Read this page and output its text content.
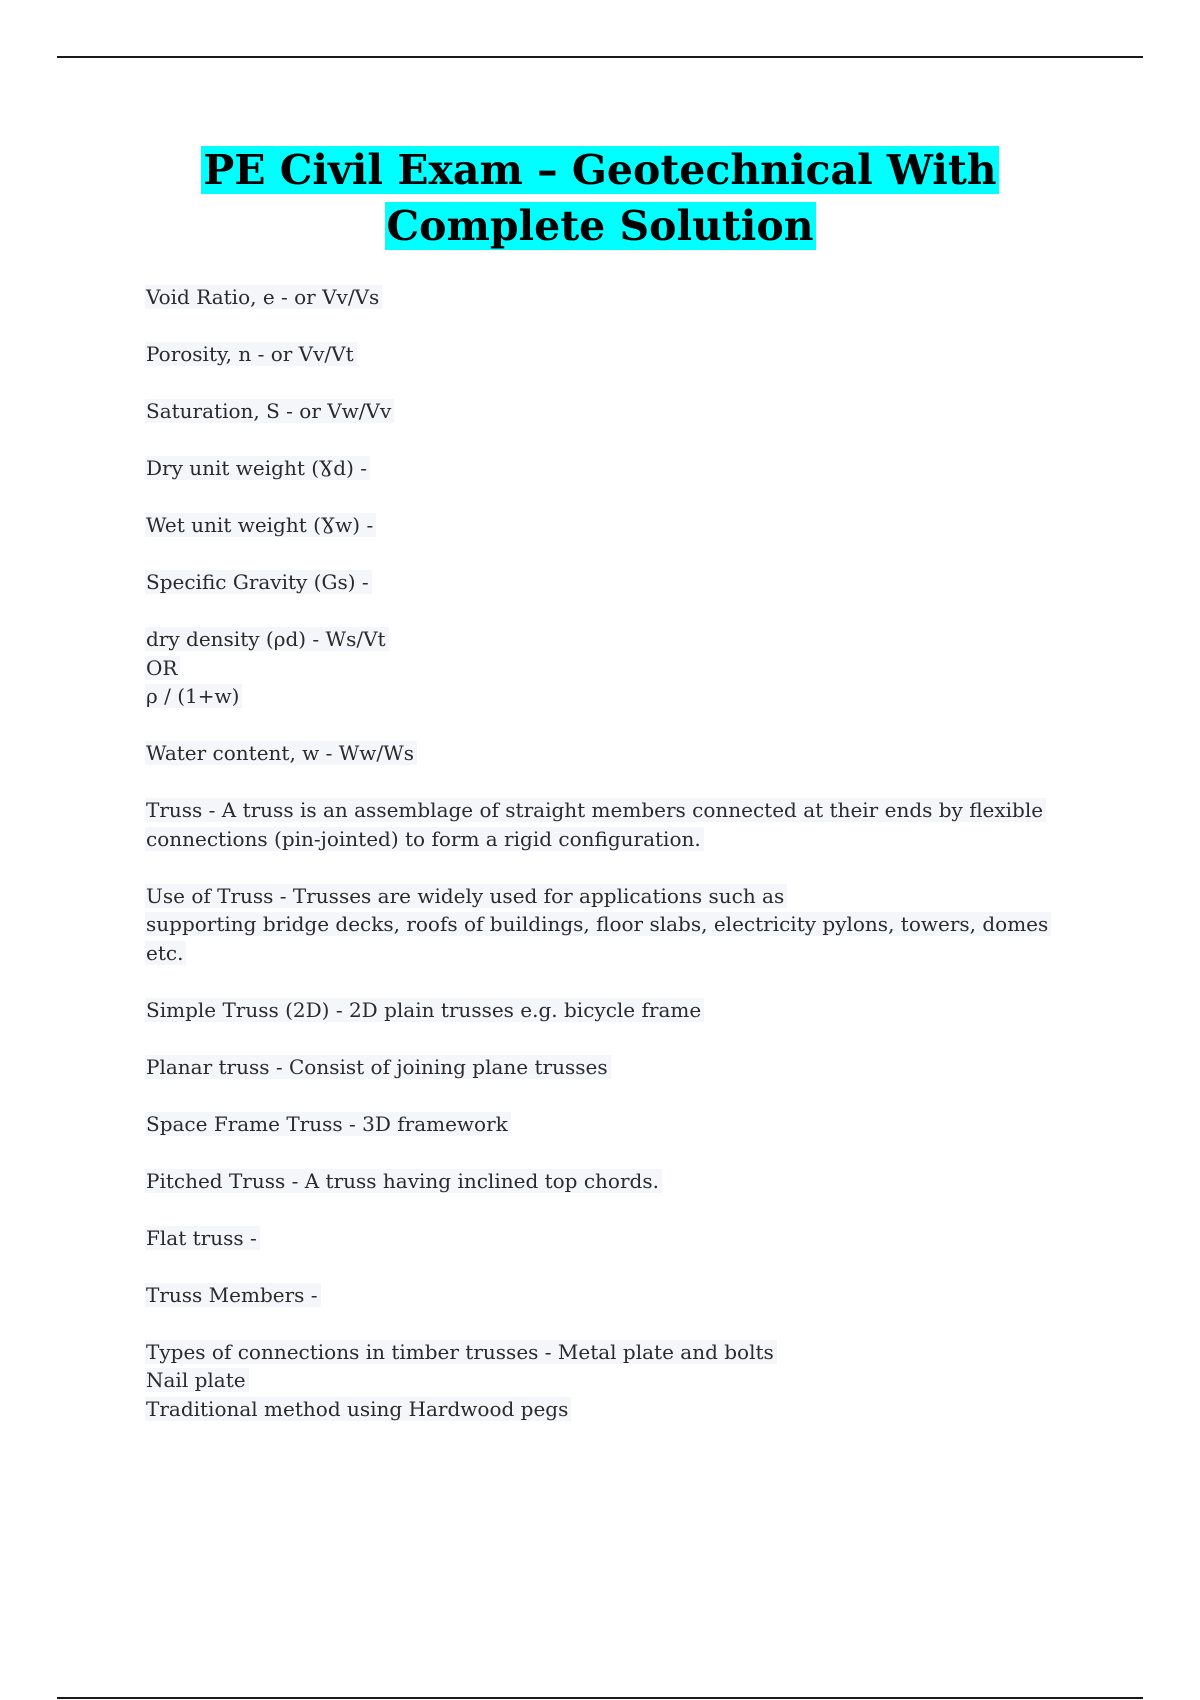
PE Civil Exam – Geotechnical With
Complete Solution
Void Ratio, e - or Vv/Vs
Porosity, n - or Vv/Vt
Saturation, S - or Vw/Vv
Dry unit weight (Ɣd) -
Wet unit weight (Ɣw) -
Specific Gravity (Gs) -
dry density (ρd) - Ws/Vt
OR
ρ / (1+w)
Water content, w - Ww/Ws
Truss - A truss is an assemblage of straight members connected at their ends by flexible
connections (pin-jointed) to form a rigid configuration.
Use of Truss - Trusses are widely used for applications such as
supporting bridge decks, roofs of buildings, floor slabs, electricity pylons, towers, domes
etc.
Simple Truss (2D) - 2D plain trusses e.g. bicycle frame
Planar truss - Consist of joining plane trusses
Space Frame Truss - 3D framework
Pitched Truss - A truss having inclined top chords.
Flat truss -
Truss Members -
Types of connections in timber trusses - Metal plate and bolts
Nail plate
Traditional method using Hardwood pegs
